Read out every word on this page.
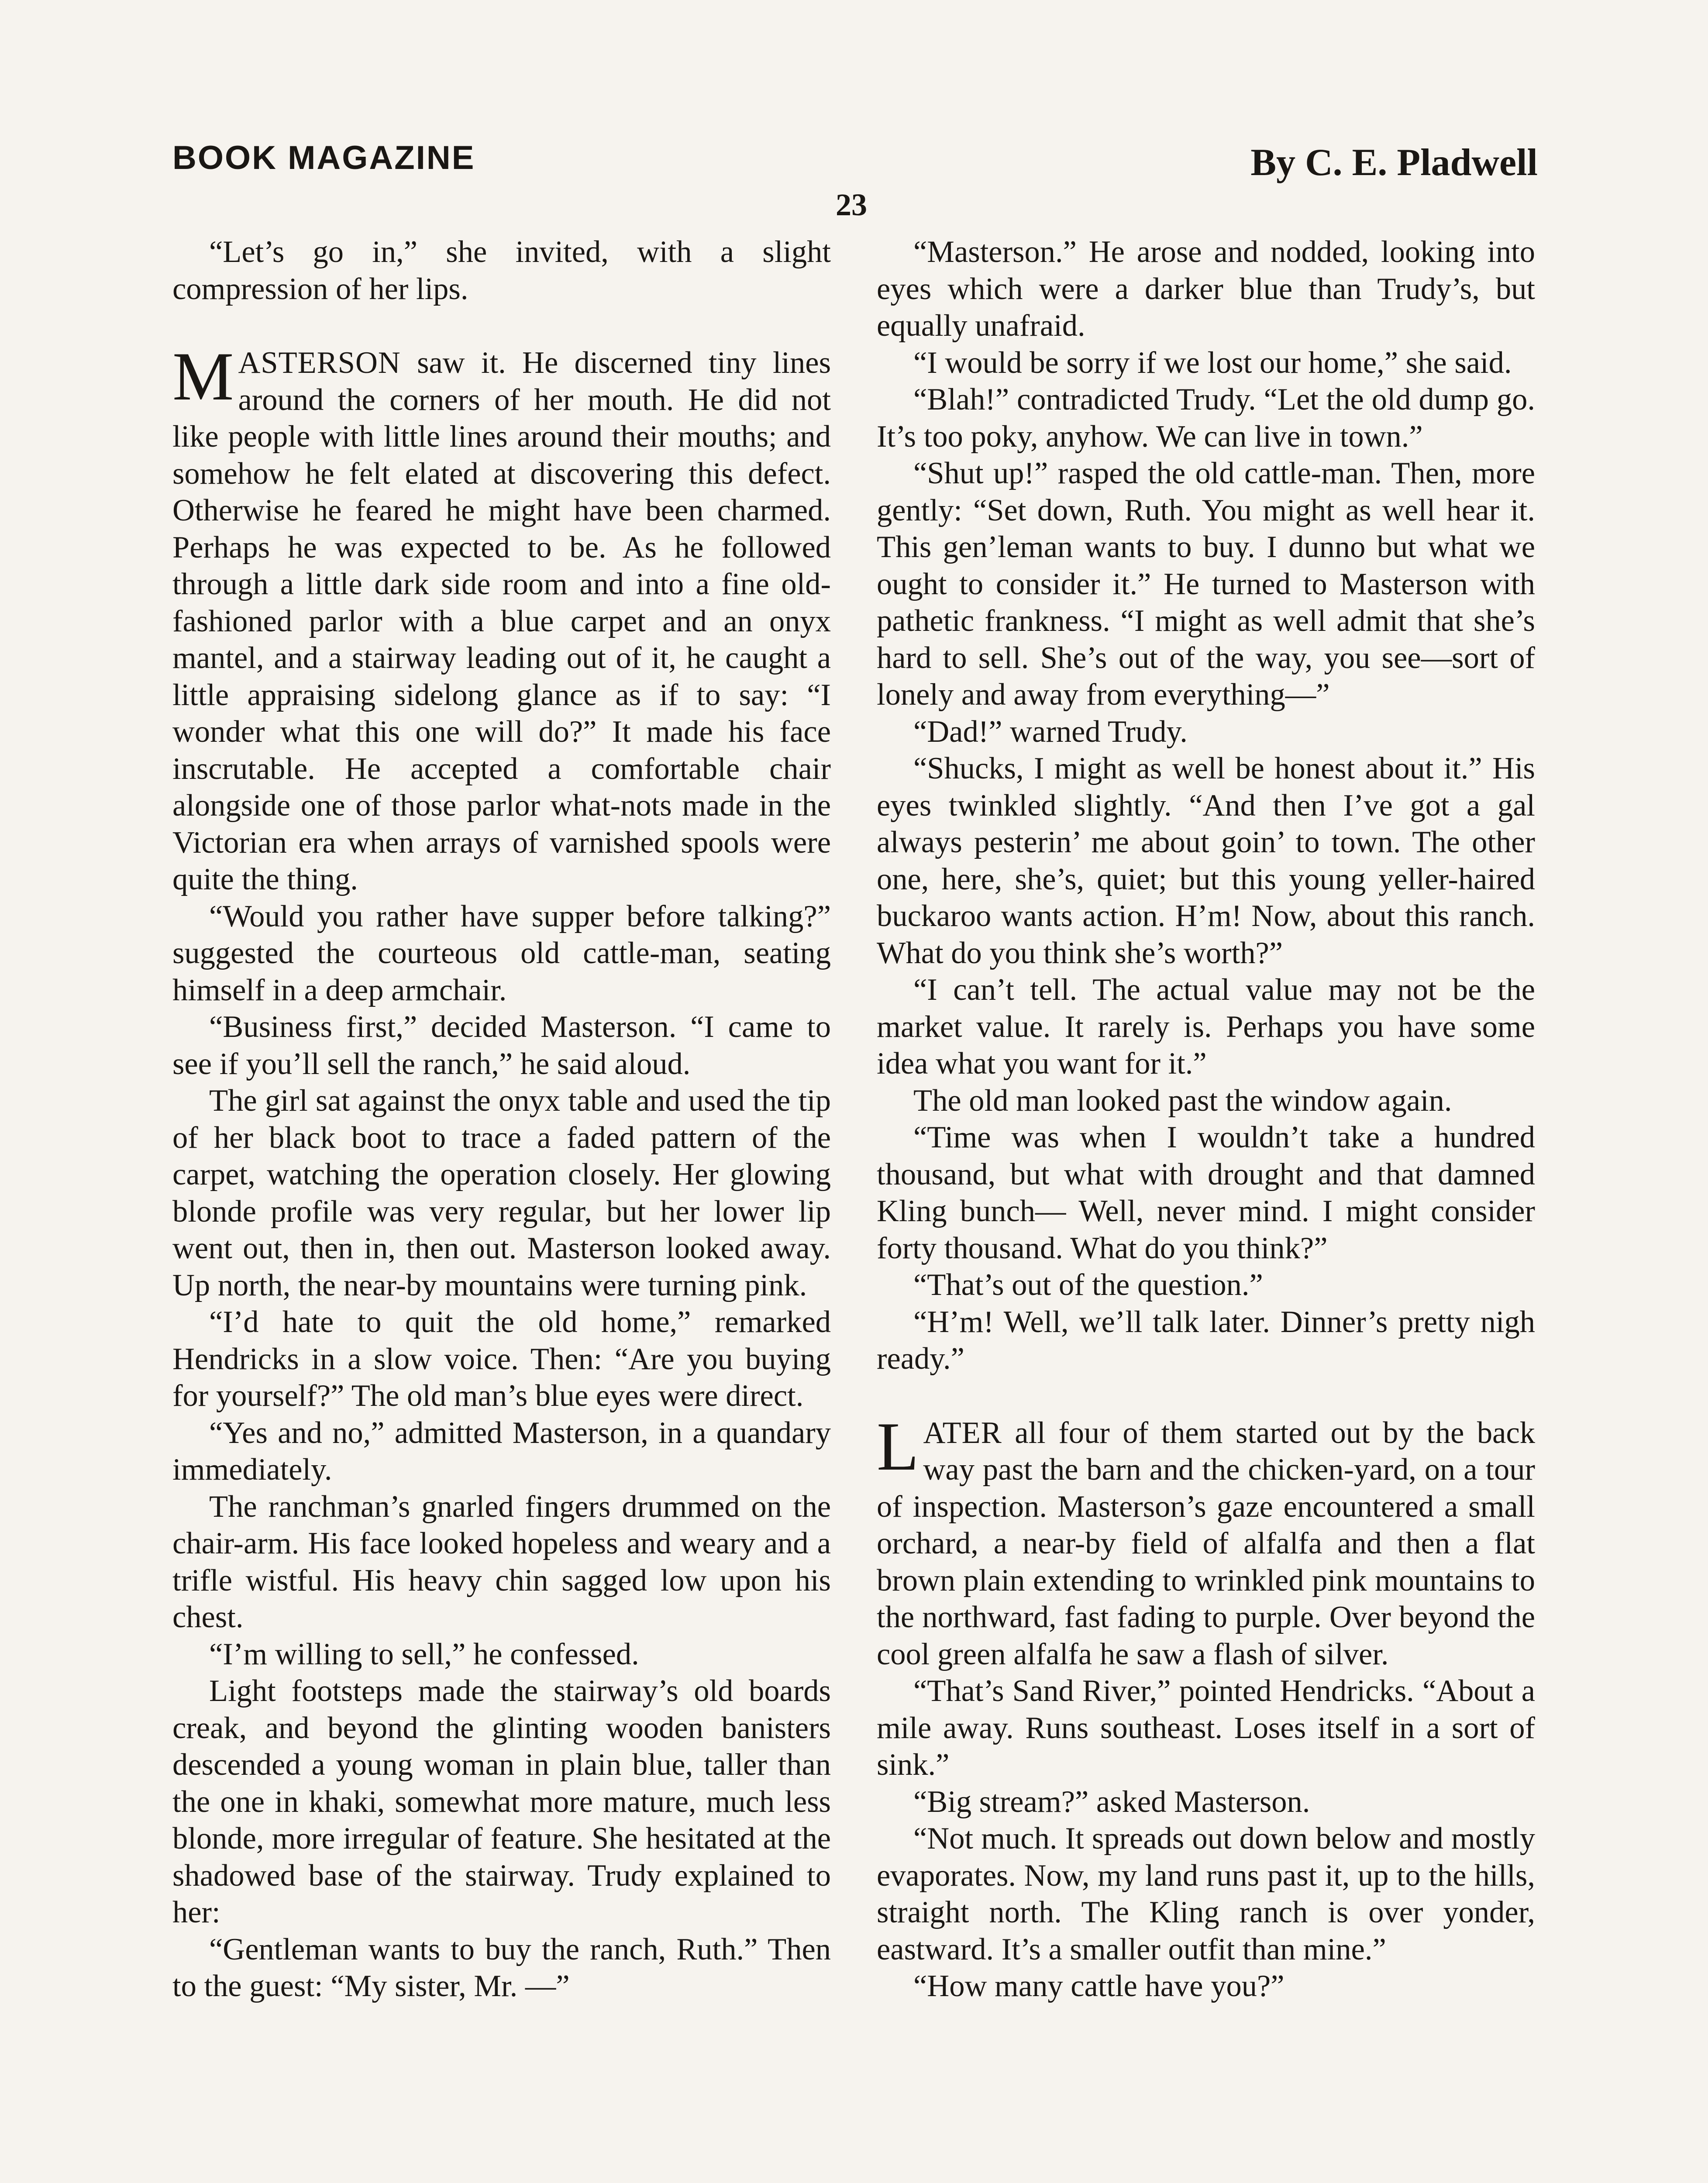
BOOK MAGAZINE	By C. E. Pladwell
23

“Let’s go in,” she invited, with a slight compression of her lips.

MASTERSON saw it. He discerned tiny lines around the corners of her mouth. He did not like people with little lines around their mouths; and somehow he felt elated at discovering this defect. Otherwise he feared he might have been charmed. Perhaps he was expected to be. As he followed through a little dark side room and into a fine old-fashioned parlor with a blue carpet and an onyx mantel, and a stairway leading out of it, he caught a little appraising sidelong glance as if to say: “I wonder what this one will do?” It made his face inscrutable. He accepted a comfortable chair alongside one of those parlor what-nots made in the Victorian era when arrays of varnished spools were quite the thing.

“Would you rather have supper before talking?” suggested the courteous old cattle-man, seating himself in a deep armchair.

“Business first,” decided Masterson. “I came to see if you’ll sell the ranch,” he said aloud.

The girl sat against the onyx table and used the tip of her black boot to trace a faded pattern of the carpet, watching the operation closely. Her glowing blonde profile was very regular, but her lower lip went out, then in, then out. Masterson looked away. Up north, the near-by mountains were turning pink.

“I’d hate to quit the old home,” remarked Hendricks in a slow voice. Then: “Are you buying for yourself?” The old man’s blue eyes were direct.

“Yes and no,” admitted Masterson, in a quandary immediately.

The ranchman’s gnarled fingers drummed on the chair-arm. His face looked hopeless and weary and a trifle wistful. His heavy chin sagged low upon his chest.

“I’m willing to sell,” he confessed.

Light footsteps made the stairway’s old boards creak, and beyond the glinting wooden banisters descended a young woman in plain blue, taller than the one in khaki, somewhat more mature, much less blonde, more irregular of feature. She hesitated at the shadowed base of the stairway. Trudy explained to her:

“Gentleman wants to buy the ranch, Ruth.” Then to the guest: “My sister, Mr. —”

“Masterson.” He arose and nodded, looking into eyes which were a darker blue than Trudy’s, but equally unafraid.

“I would be sorry if we lost our home,” she said.

“Blah!” contradicted Trudy. “Let the old dump go. It’s too poky, anyhow. We can live in town.”

“Shut up!” rasped the old cattle-man. Then, more gently: “Set down, Ruth. You might as well hear it. This gen’leman wants to buy. I dunno but what we ought to consider it.” He turned to Masterson with pathetic frankness. “I might as well admit that she’s hard to sell. She’s out of the way, you see—sort of lonely and away from everything—”

“Dad!” warned Trudy.

“Shucks, I might as well be honest about it.” His eyes twinkled slightly. “And then I’ve got a gal always pesterin’ me about goin’ to town. The other one, here, she’s, quiet; but this young yeller-haired buckaroo wants action. H’m! Now, about this ranch. What do you think she’s worth?”

“I can’t tell. The actual value may not be the market value. It rarely is. Perhaps you have some idea what you want for it.”

The old man looked past the window again.

“Time was when I wouldn’t take a hundred thousand, but what with drought and that damned Kling bunch— Well, never mind. I might consider forty thousand. What do you think?”

“That’s out of the question.”

“H’m! Well, we’ll talk later. Dinner’s pretty nigh ready.”

LATER all four of them started out by the back way past the barn and the chicken-yard, on a tour of inspection. Masterson’s gaze encountered a small orchard, a near-by field of alfalfa and then a flat brown plain extending to wrinkled pink mountains to the northward, fast fading to purple. Over beyond the cool green alfalfa he saw a flash of silver.

“That’s Sand River,” pointed Hendricks. “About a mile away. Runs southeast. Loses itself in a sort of sink.”

“Big stream?” asked Masterson.

“Not much. It spreads out down below and mostly evaporates. Now, my land runs past it, up to the hills, straight north. The Kling ranch is over yonder, eastward. It’s a smaller outfit than mine.”

“How many cattle have you?”
